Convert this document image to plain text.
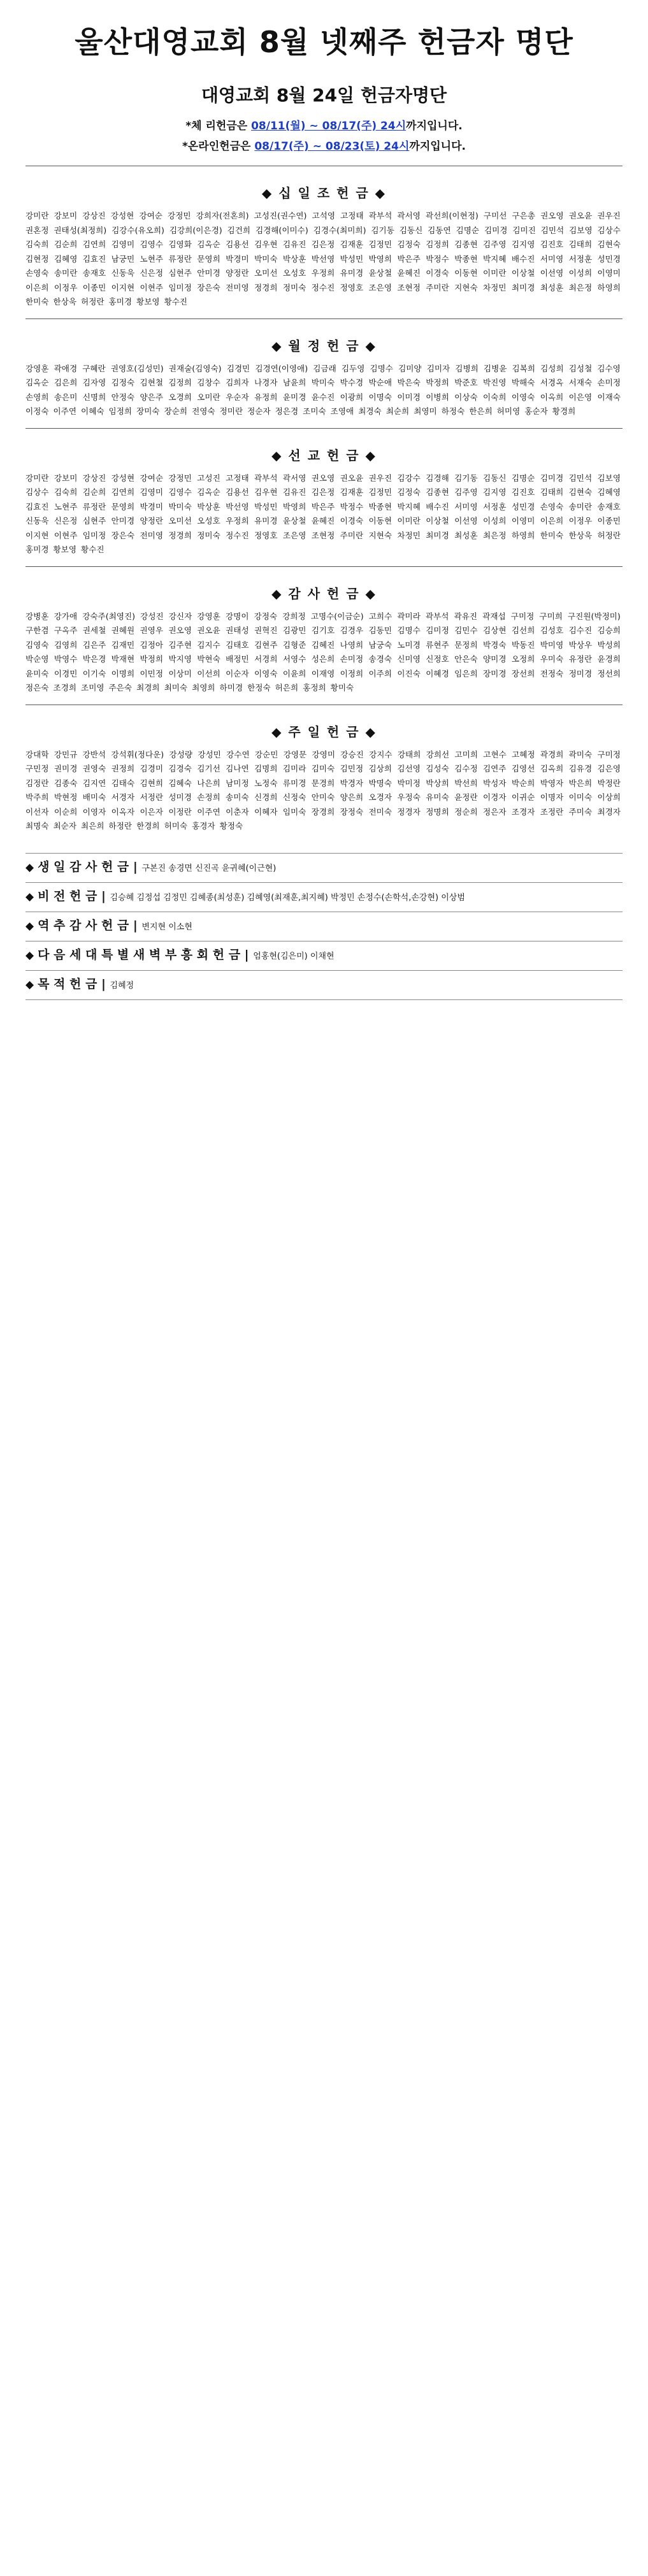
울산대영교회 8월 넷째주 헌금자 명단
대영교회 8월 24일 헌금자명단
*체 리헌금은 08/11(월) ~ 08/17(주) 24시까지입니다.
*온라인헌금은 08/17(주) ~ 08/23(토) 24시까지입니다.
◆ 십 일 조 헌 금 ◆
강미란 강보미 강상진 강성현 강여순 강정민 강희자(전혼희) 고성진(권수연) 고석영 고정태 곽부석 곽서영 곽선희(이현정) 구미선 구은총 권오영 권오윤 권우진 권혼정 권태성(최정희) 김강수(유오희) 김강희(이은경) 김건희 김경해(이미수) 김경수(최미희) 김기동 김동신 김동연 김명순 김미경 김미진 김민석 김보영 김상수 김숙희 김순희 김연희 김영미 김영수 김영화 김옥순 김용선 김우현 김유진 김은정 김재훈 김정민 김정숙 김정희 김종현 김주영 김지영 김진호 김태희 김현숙 김현정 김혜영 김효진 남궁민 노현주 류정란 문영희 박경미 박미숙 박상훈 박선영 박성민 박영희 박은주 박정수 박종현 박지혜 배수진 서미영 서정훈 성민경 손영숙 송미란 송재호 신동욱 신은정 심현주 안미경 양정란 오미선 오성호 우정희 유미경 윤상철 윤혜진 이경숙 이동현 이미란 이상철 이선영 이성희 이영미 이은희 이정우 이종민 이지현 이현주 임미정 장은숙 전미영 정경희 정미숙 정수진 정영호 조은영 조현정 주미란 지현숙 차정민 최미경 최성훈 최은정 하영희 한미숙 한상욱 허정란 홍미경 황보영 황수진
◆ 월 정 헌 금 ◆
강영훈 곽애경 구혜란 권영호(김성민) 권재술(김영숙) 김경민 김경연(이영애) 김금래 김두영 김명수 김미양 김미자 김병희 김병윤 김복희 김성희 김성철 김수영 김옥순 김은희 김자영 김정숙 김현철 김정희 김창수 김희자 나경자 남윤희 박미숙 박수경 박순애 박은숙 박정희 박준호 박진영 박해숙 서경옥 서재숙 손미정 손영희 송은미 신명희 안정숙 양은주 오경희 오미란 우순자 유정희 윤미경 윤수진 이광희 이명숙 이미경 이병희 이상숙 이숙희 이영숙 이옥희 이은영 이재숙 이정숙 이주연 이혜숙 임정희 장미숙 장순희 전영숙 정미란 정순자 정은경 조미숙 조영애 최경숙 최순희 최영미 하정숙 한은희 허미영 홍순자 황경희
◆ 선 교 헌 금 ◆
강미란 강보미 강상진 강성현 강여순 강정민 고성진 고정태 곽부석 곽서영 권오영 권오윤 권우진 김강수 김경해 김기동 김동신 김명순 김미경 김민석 김보영 김상수 김숙희 김순희 김연희 김영미 김영수 김옥순 김용선 김우현 김유진 김은정 김재훈 김정민 김정숙 김종현 김주영 김지영 김진호 김태희 김현숙 김혜영 김효진 노현주 류정란 문영희 박경미 박미숙 박상훈 박선영 박성민 박영희 박은주 박정수 박종현 박지혜 배수진 서미영 서정훈 성민경 손영숙 송미란 송재호 신동욱 신은정 심현주 안미경 양정란 오미선 오성호 우정희 유미경 윤상철 윤혜진 이경숙 이동현 이미란 이상철 이선영 이성희 이영미 이은희 이정우 이종민 이지현 이현주 임미정 장은숙 전미영 정경희 정미숙 정수진 정영호 조은영 조현정 주미란 지현숙 차정민 최미경 최성훈 최은정 하영희 한미숙 한상욱 허정란 홍미경 황보영 황수진
◆ 감 사 헌 금 ◆
강병훈 강가애 강숙주(최영진) 강성진 강신자 강영훈 강명이 강정숙 강희정 고명수(이금순) 고희수 곽미라 곽부석 곽유진 곽재섭 구미정 구미희 구진원(박정미) 구한겸 구옥주 권세철 권혜원 권영우 권오영 권오윤 권태성 권혁진 김광민 김기호 김경우 김동민 김명수 김미정 김민수 김상현 김선희 김성호 김수진 김승희 김영숙 김영희 김은주 김재민 김정아 김주현 김지수 김태호 김현주 김형준 김혜진 나영희 남궁숙 노미경 류현주 문정희 박경숙 박동진 박미영 박상우 박성희 박순영 박영수 박은경 박재현 박정희 박지영 박현숙 배정민 서경희 서영수 성은희 손미정 송경숙 신미영 신정호 안은숙 양미경 오정희 우미숙 유정란 윤경희 윤미숙 이경민 이기숙 이명희 이민정 이상미 이선희 이순자 이영숙 이윤희 이재영 이정희 이주희 이진숙 이혜경 임은희 장미경 장선희 전정숙 정미경 정선희 정은숙 조경희 조미영 주은숙 최경희 최미숙 최영희 하미경 한정숙 허은희 홍정희 황미숙
◆ 주 일 헌 금 ◆
강대학 강민규 강반석 강석휘(정다운) 강성량 강성민 강수연 강순민 강영문 강영미 강승진 강지수 강태희 강희선 고미희 고현수 고혜정 곽경희 곽미숙 구미정 구민정 권미경 권영숙 권정희 김경미 김경숙 김기선 김나연 김명희 김미라 김미숙 김민정 김상희 김선영 김성숙 김수정 김연주 김영선 김옥희 김유경 김은영 김정란 김종숙 김지연 김태숙 김현희 김혜숙 나은희 남미정 노정숙 류미경 문경희 박경자 박명숙 박미정 박상희 박선희 박성자 박순희 박영자 박은희 박정란 박주희 박현정 배미숙 서경자 서정란 성미경 손정희 송미숙 신경희 신정숙 안미숙 양은희 오경자 우정숙 유미숙 윤정란 이경자 이귀순 이명자 이미숙 이상희 이선자 이순희 이영자 이옥자 이은자 이정란 이주연 이춘자 이혜자 임미숙 장경희 장정숙 전미숙 정경자 정명희 정순희 정은자 조경자 조정란 주미숙 최경자 최명숙 최순자 최은희 하정란 한경희 허미숙 홍경자 황정숙
◆ 생 일 감 사 헌 금 | 구본진 송경면 신진곡 윤귀혜(이근현)
◆ 비 전 헌 금 | 김승혜 김정섭 김정민 김혜종(최성훈) 김혜영(최재훈,최지혜) 박정민 손정수(손학석,손강현) 이상범
◆ 역 추 감 사 헌 금 | 변지현 이소현
◆ 다 음 세 대 특 별 새 벽 부 흥 회 헌 금 | 엄홍현(김은미) 이채현
◆ 목 적 헌 금 | 김혜정
